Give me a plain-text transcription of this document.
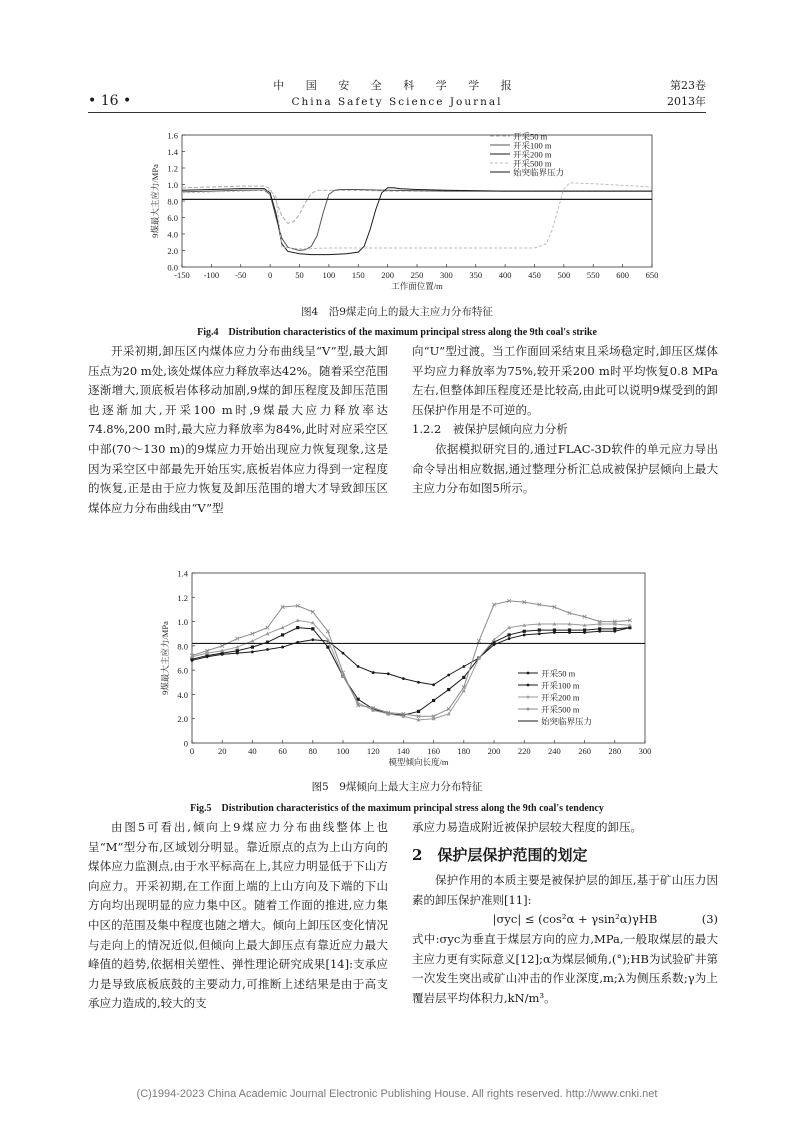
• 16 •
中 国 安 全 科 学 学 报
China Safety Science Journal
第23卷
2013年
-150 -100 -50	0	50 100 150 200 250 300 350 400 450 500 550 600 650
0.0
2.0
4.0
6.0
8.0
1.0
1.2
1.4
1.6
工作面位置/m
9煤最大主应力/MPa
开采50 m
开采100 m
开采200 m
开采500 m
始突临界压力
图4　沿9煤走向上的最大主应力分布特征
Fig.4　Distribution characteristics of the maximum principal stress along the 9th coal's strike

开采初期,卸压区内煤体应力分布曲线呈“V”型,最大卸压点为20 m处,该处煤体应力释放率达42%。随着采空范围逐渐增大,顶底板岩体移动加剧,9煤的卸压程度及卸压范围也逐渐加大,开采100 m时,9煤最大应力释放率达74.8%,200 m时,最大应力释放率为84%,此时对应采空区中部(70～130 m)的9煤应力开始出现应力恢复现象,这是因为采空区中部最先开始压实,底板岩体应力得到一定程度的恢复,正是由于应力恢复及卸压范围的增大才导致卸压区煤体应力分布曲线由“V”型

向“U”型过渡。当工作面回采结束且采场稳定时,卸压区煤体平均应力释放率为75%,较开采200 m时平均恢复0.8 MPa左右,但整体卸压程度还是比较高,由此可以说明9煤受到的卸压保护作用是不可逆的。

1.2.2　被保护层倾向应力分析

依据模拟研究目的,通过FLAC-3D软件的单元应力导出命令导出相应数据,通过整理分析汇总成被保护层倾向上最大主应力分布如图5所示。

0	20	40	60	80 100 120 140 160 180 200 220 240 260 280 300
0
2.0
4.0
6.0
8.0
1.0
1.2
1.4
模型倾向长度/m
9煤最大主应力/MPa	开采50 m
开采100 m
开采200 m
开采500 m
始突临界压力
图5　9煤倾向上最大主应力分布特征
Fig.5　Distribution characteristics of the maximum principal stress along the 9th coal's tendency

由图5可看出,倾向上9煤应力分布曲线整体上也呈“M”型分布,区域划分明显。靠近原点的点为上山方向的煤体应力监测点,由于水平标高在上,其应力明显低于下山方向应力。开采初期,在工作面上端的上山方向及下端的下山方向均出现明显的应力集中区。随着工作面的推进,应力集中区的范围及集中程度也随之增大。倾向上卸压区变化情况与走向上的情况近似,但倾向上最大卸压点有靠近应力最大峰值的趋势,依据相关塑性、弹性理论研究成果[14]:支承应力是导致底板底鼓的主要动力,可推断上述结果是由于高支承应力造成的,较大的支

承应力易造成附近被保护层较大程度的卸压。

2　保护层保护范围的划定

保护作用的本质主要是被保护层的卸压,基于矿山压力因素的卸压保护准则[11]:

|σyc| ≤ (cos²α + γsin²α)γHB	(3)

式中:σyc为垂直于煤层方向的应力,MPa,一般取煤层的最大主应力更有实际意义[12];α为煤层倾角,(°);HB为试验矿井第一次发生突出或矿山冲击的作业深度,m;λ为侧压系数;γ为上覆岩层平均体积力,kN/m³。

(C)1994-2023 China Academic Journal Electronic Publishing House. All rights reserved. http://www.cnki.net
